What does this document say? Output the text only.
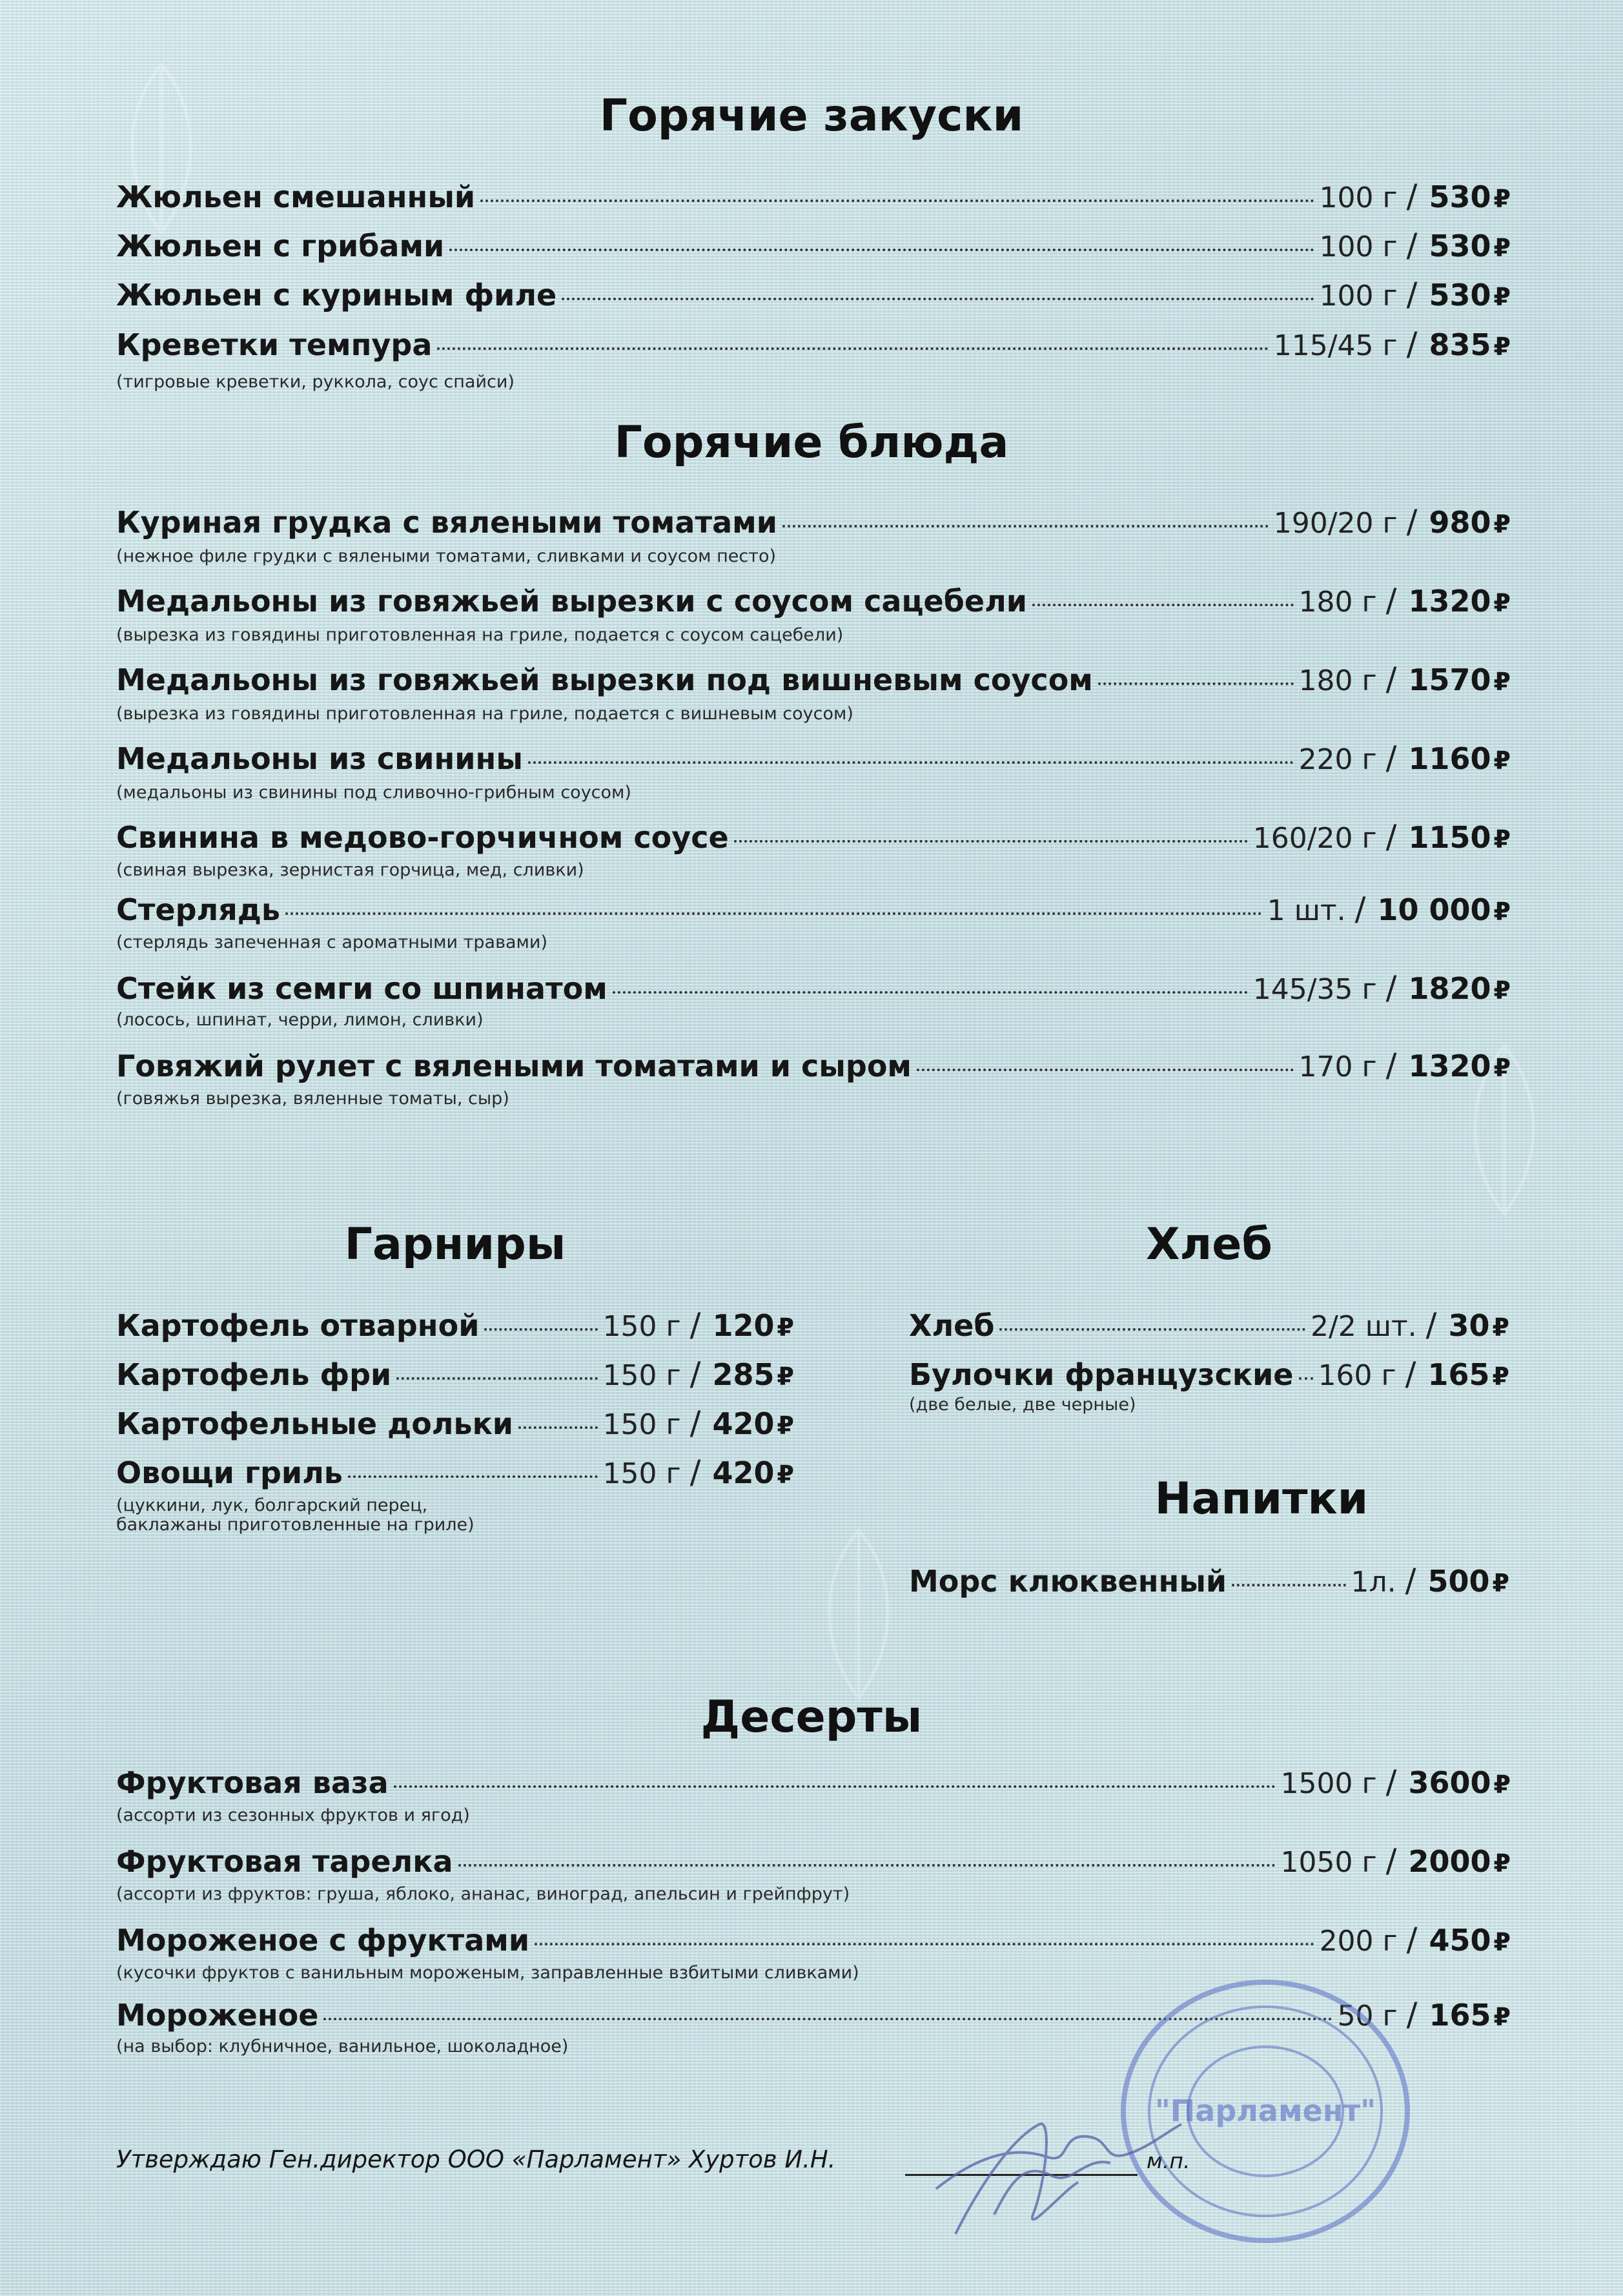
Горячие закуски
Жюльен смешанный	100 г / 530 ₽
Жюльен с грибами	100 г / 530 ₽
Жюльен с куриным филе	100 г / 530 ₽
Креветки темпура	115/45 г / 835 ₽
(тигровые креветки, руккола, соус спайси)
Горячие блюда
Куриная грудка с вялеными томатами	190/20 г / 980 ₽
(нежное филе грудки с вялеными томатами, сливками и соусом песто)
Медальоны из говяжьей вырезки с соусом сацебели	180 г / 1320 ₽
(вырезка из говядины приготовленная на гриле, подается с соусом сацебели)
Медальоны из говяжьей вырезки под вишневым соусом	180 г / 1570 ₽
(вырезка из говядины приготовленная на гриле, подается с вишневым соусом)
Медальоны из свинины	220 г / 1160 ₽
(медальоны из свинины под сливочно-грибным соусом)
Свинина в медово-горчичном соусе	160/20 г / 1150 ₽
(свиная вырезка, зернистая горчица, мед, сливки)
Стерлядь	1 шт. / 10 000 ₽
(стерлядь запеченная с ароматными травами)
Стейк из семги со шпинатом	145/35 г / 1820 ₽
(лосось, шпинат, черри, лимон, сливки)
Говяжий рулет с вялеными томатами и сыром	170 г / 1320 ₽
(говяжья вырезка, вяленные томаты, сыр)
Гарниры
Картофель отварной	150 г / 120 ₽
Картофель фри	150 г / 285 ₽
Картофельные дольки	150 г / 420 ₽
Овощи гриль	150 г / 420 ₽
(цуккини, лук, болгарский перец,
баклажаны приготовленные на гриле)
Хлеб
Хлеб	2/2 шт. / 30 ₽
Булочки французские 160 г / 165 ₽
(две белые, две черные)
Напитки
Морс клюквенный	1л. / 500 ₽
Десерты
Фруктовая ваза	1500 г / 3600 ₽
(ассорти из сезонных фруктов и ягод)
Фруктовая тарелка	1050 г / 2000 ₽
(ассорти из фруктов: груша, яблоко, ананас, виноград, апельсин и грейпфрут)
Мороженое с фруктами	200 г / 450 ₽
(кусочки фруктов с ванильным мороженым, заправленные взбитыми сливками)
Мороженое	50 г / 165 ₽
(на выбор: клубничное, ванильное, шоколадное)
Утверждаю Ген.директор ООО «Парламент» Хуртов И.Н.	м.п.
"Парламент"
